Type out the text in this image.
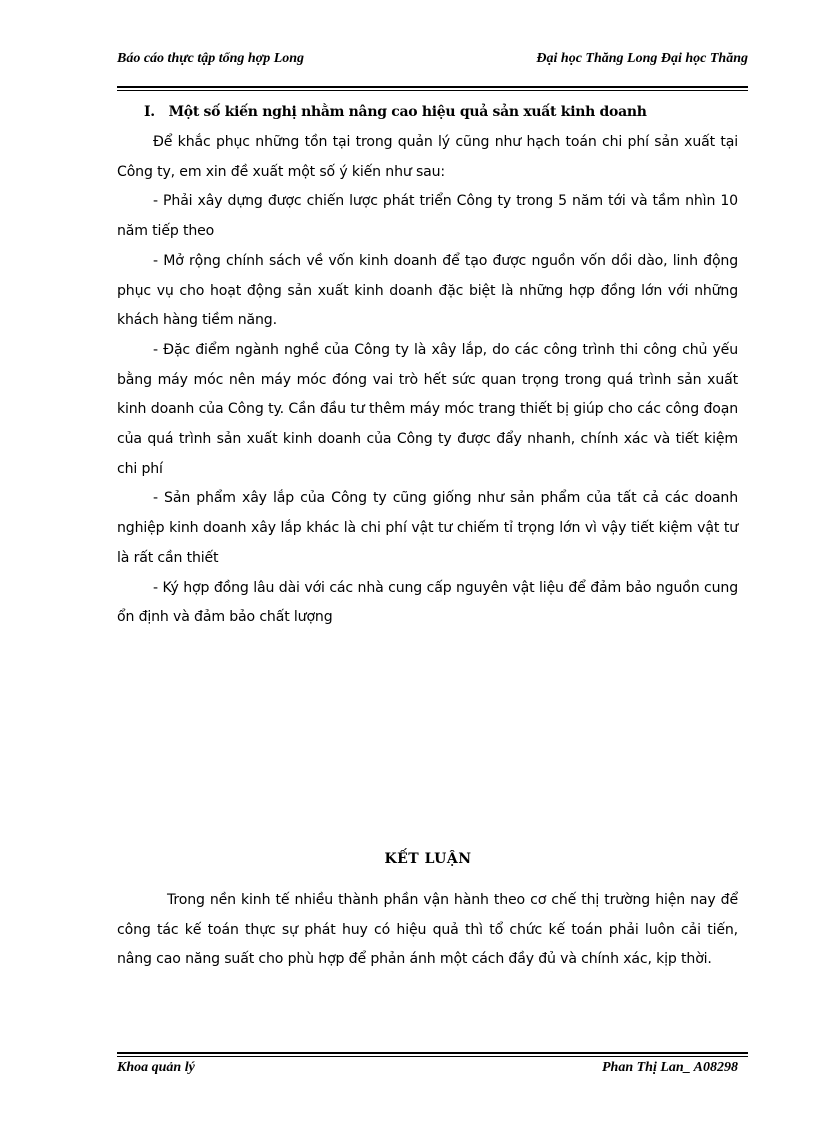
Báo cáo thực tập tổng hợp Long	Đại học Thăng Long Đại học Thăng
I. Một số kiến nghị nhằm nâng cao hiệu quả sản xuất kinh doanh

Để khắc phục những tồn tại trong quản lý cũng như hạch toán chi phí sản xuất tại Công ty, em xin đề xuất một số ý kiến như sau:

- Phải xây dựng được chiến lược phát triển Công ty trong 5 năm tới và tầm nhìn 10 năm tiếp theo

- Mở rộng chính sách về vốn kinh doanh để tạo được nguồn vốn dồi dào, linh động phục vụ cho hoạt động sản xuất kinh doanh đặc biệt là những hợp đồng lớn với những khách hàng tiềm năng.

- Đặc điểm ngành nghề của Công ty là xây lắp, do các công trình thi công chủ yếu bằng máy móc nên máy móc đóng vai trò hết sức quan trọng trong quá trình sản xuất kinh doanh của Công ty. Cần đầu tư thêm máy móc trang thiết bị giúp cho các công đoạn của quá trình sản xuất kinh doanh của Công ty được đẩy nhanh, chính xác và tiết kiệm chi phí

- Sản phẩm xây lắp của Công ty cũng giống như sản phẩm của tất cả các doanh nghiệp kinh doanh xây lắp khác là chi phí vật tư chiếm tỉ trọng lớn vì vậy tiết kiệm vật tư là rất cần thiết

- Ký hợp đồng lâu dài với các nhà cung cấp nguyên vật liệu để đảm bảo nguồn cung ổn định và đảm bảo chất lượng

KẾT LUẬN

Trong nền kinh tế nhiều thành phần vận hành theo cơ chế thị trường hiện nay để công tác kế toán thực sự phát huy có hiệu quả thì tổ chức kế toán phải luôn cải tiến, nâng cao năng suất cho phù hợp để phản ánh một cách đầy đủ và chính xác, kịp thời.

Khoa quản lý	Phan Thị Lan_ A08298
